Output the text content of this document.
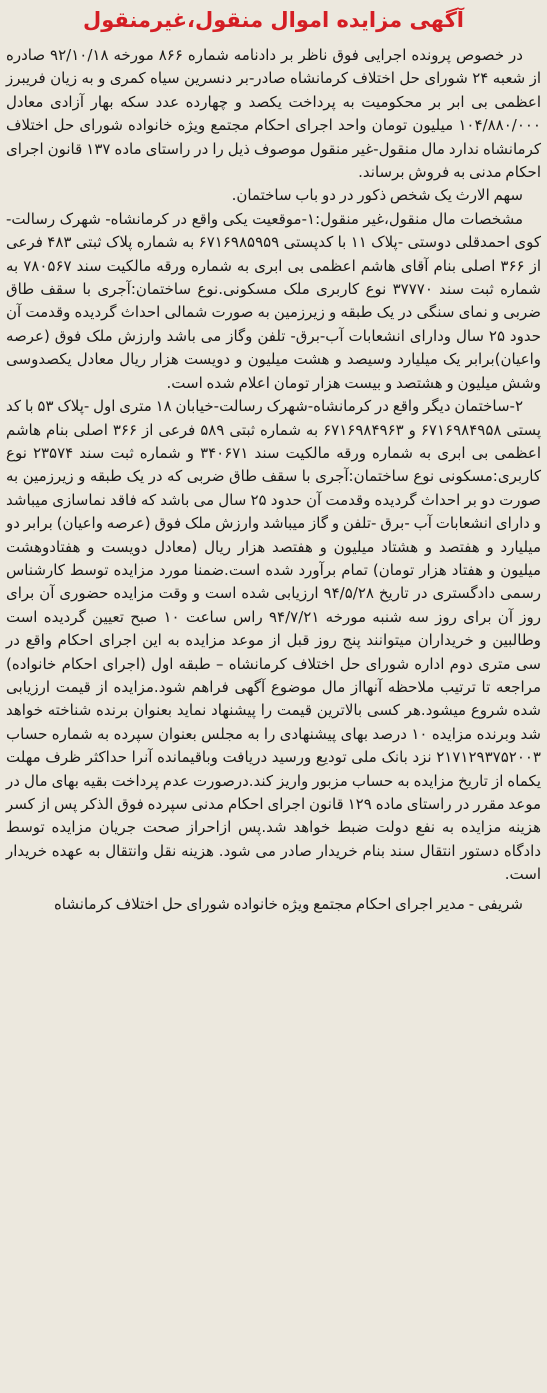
آگهی مزایده اموال منقول،غیرمنقول

در خصوص پرونده اجرایی فوق ناظر بر دادنامه شماره ۸۶۶ مورخه ۹۲/۱۰/۱۸ صادره از شعبه ۲۴ شورای حل اختلاف کرمانشاه صادر-بر دنسرین سیاه کمری و به زیان فریبرز اعظمی بی ابر بر محکومیت به پرداخت یکصد و چهارده عدد سکه بهار آزادی معادل ۱۰۴/۸۸۰/۰۰۰ میلیون تومان واحد اجرای احکام مجتمع ویژه خانواده شورای حل اختلاف کرمانشاه ندارد مال منقول-غیر منقول موصوف ذیل را در راستای ماده ۱۳۷ قانون اجرای احکام مدنی به فروش برساند.

سهم الارث یک شخص ذکور در دو باب ساختمان.

مشخصات مال منقول،غیر منقول:۱-موقعیت یکی واقع در کرمانشاه- شهرک رسالت- کوی احمدقلی دوستی -پلاک ۱۱ با کدپستی ۶۷۱۶۹۸۵۹۵۹ به شماره پلاک ثبتی ۴۸۳ فرعی از ۳۶۶ اصلی بنام آقای هاشم اعظمی بی ابری به شماره ورقه مالکیت سند ۷۸۰۵۶۷ به شماره ثبت سند ۳۷۷۷۰ نوع کاربری ملک مسکونی.نوع ساختمان:آجری با سقف طاق ضربی و نمای سنگی در یک طبقه و زیرزمین به صورت شمالی احداث گردیده وقدمت آن حدود ۲۵ سال ودارای انشعابات آب-برق- تلفن وگاز می باشد وارزش ملک فوق (عرصه واعیان)برابر یک میلیارد وسیصد و هشت میلیون و دویست هزار ریال معادل یکصدوسی وشش میلیون و هشتصد و بیست هزار تومان اعلام شده است.

۲-ساختمان دیگر واقع در کرمانشاه-شهرک رسالت-خیابان ۱۸ متری اول -پلاک ۵۳ با کد پستی ۶۷۱۶۹۸۴۹۵۸ و ۶۷۱۶۹۸۴۹۶۳ به شماره ثبتی ۵۸۹ فرعی از ۳۶۶ اصلی بنام هاشم اعظمی بی ابری به شماره ورقه مالکیت سند ۳۴۰۶۷۱ و شماره ثبت سند ۲۳۵۷۴ نوع کاربری:مسکونی نوع ساختمان:آجری با سقف طاق ضربی که در یک طبقه و زیرزمین به صورت دو بر احداث گردیده وقدمت آن حدود ۲۵ سال می باشد که فاقد نماسازی میباشد و دارای انشعابات آب -برق -تلفن و گاز میباشد وارزش ملک فوق (عرصه واعیان) برابر دو میلیارد و هفتصد و هشتاد میلیون و هفتصد هزار ریال (معادل دویست و هفتادوهشت میلیون و هفتاد هزار تومان) تمام برآورد شده است.ضمنا مورد مزایده توسط کارشناس رسمی دادگستری در تاریخ ۹۴/۵/۲۸ ارزیابی شده است و وقت مزایده حضوری آن برای روز آن برای روز سه شنبه مورخه ۹۴/۷/۲۱ راس ساعت ۱۰ صبح تعیین گردیده است وطالبین و خریداران میتوانند پنج روز قبل از موعد مزایده به این اجرای احکام واقع در سی متری دوم اداره شورای حل اختلاف کرمانشاه – طبقه اول (اجرای احکام خانواده) مراجعه تا ترتیب ملاحظه آنهااز مال موضوع آگهی فراهم شود.مزایده از قیمت ارزیابی شده شروع میشود.هر کسی بالاترین قیمت را پیشنهاد نماید بعنوان برنده شناخته خواهد شد وبرنده مزایده ۱۰ درصد بهای پیشنهادی را به مجلس بعنوان سپرده به شماره حساب ۲۱۷۱۲۹۳۷۵۲۰۰۳ نزد بانک ملی تودیع ورسید دریافت وباقیمانده آنرا حداکثر ظرف مهلت یکماه از تاریخ مزایده به حساب مزبور واریز کند.درصورت عدم پرداخت بقیه بهای مال در موعد مقرر در راستای ماده ۱۲۹ قانون اجرای احکام مدنی سپرده فوق الذکر پس از کسر هزینه مزایده به نفع دولت ضبط خواهد شد.پس ازاحراز صحت جریان مزایده توسط دادگاه دستور انتقال سند بنام خریدار صادر می شود. هزینه نقل وانتقال به عهده خریدار است.

شریفی - مدیر اجرای احکام مجتمع ویژه خانواده شورای حل اختلاف کرمانشاه
